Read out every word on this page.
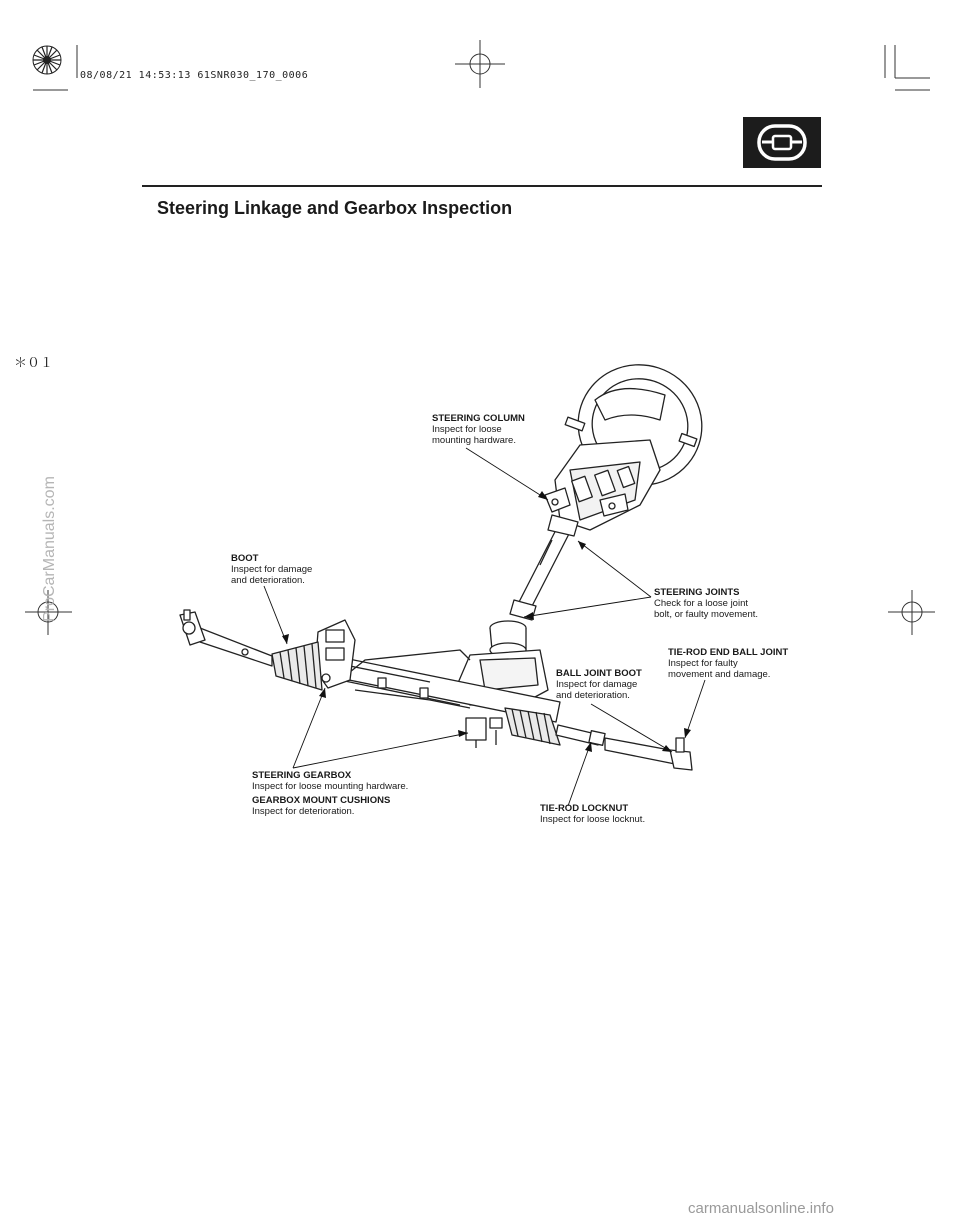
08/08/21 14:53:13 61SNR030_170_0006
＊０１
Steering Linkage and Gearbox Inspection
ProCarManuals.com
carmanualsonline.info
STEERING COLUMN
Inspect for loose
mounting hardware.
BOOT
Inspect for damage
and deterioration.
STEERING JOINTS
Check for a loose joint
bolt, or faulty movement.
TIE-ROD END BALL JOINT
Inspect for faulty
movement and damage.
BALL JOINT BOOT
Inspect for damage
and deterioration.
STEERING GEARBOX
Inspect for loose mounting hardware.
GEARBOX MOUNT CUSHIONS
Inspect for deterioration.	TIE-ROD LOCKNUT
Inspect for loose locknut.
